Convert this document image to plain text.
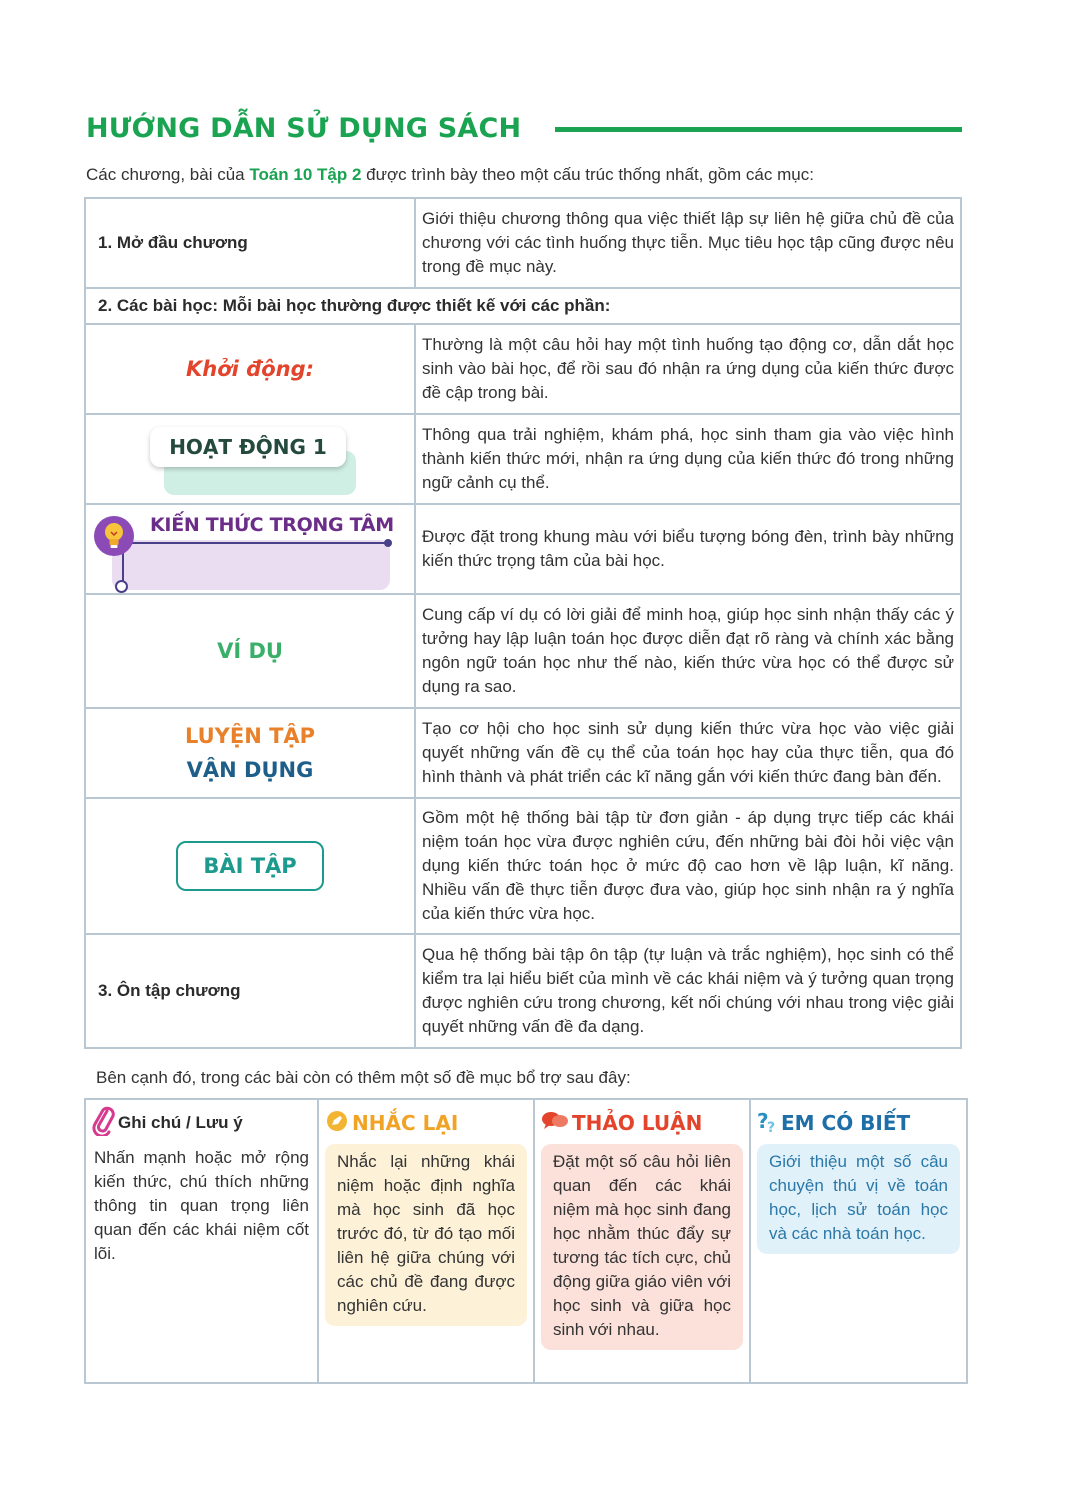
HƯỚNG DẪN SỬ DỤNG SÁCH
Các chương, bài của Toán 10 Tập 2 được trình bày theo một cấu trúc thống nhất, gồm các mục:
1. Mở đầu chương	Giới thiệu chương thông qua việc thiết lập sự liên hệ giữa chủ đề của chương với các tình huống thực tiễn. Mục tiêu học tập cũng được nêu trong đề mục này.
2. Các bài học: Mỗi bài học thường được thiết kế với các phần:	

Khởi động:	Thường là một câu hỏi hay một tình huống tạo động cơ, dẫn dắt học sinh vào bài học, để rồi sau đó nhận ra ứng dụng của kiến thức được đề cập trong bài.

HOẠT ĐỘNG 1	Thông qua trải nghiệm, khám phá, học sinh tham gia vào việc hình thành kiến thức mới, nhận ra ứng dụng của kiến thức đó trong những ngữ cảnh cụ thể.

KIẾN THỨC TRỌNG TÂM	Được đặt trong khung màu với biểu tượng bóng đèn, trình bày những kiến thức trọng tâm của bài học.

VÍ DỤ	Cung cấp ví dụ có lời giải để minh hoạ, giúp học sinh nhận thấy các ý tưởng hay lập luận toán học được diễn đạt rõ ràng và chính xác bằng ngôn ngữ toán học như thế nào, kiến thức vừa học có thể được sử dụng ra sao.

LUYỆN TẬP
VẬN DỤNG	Tạo cơ hội cho học sinh sử dụng kiến thức vừa học vào việc giải quyết những vấn đề cụ thể của toán học hay của thực tiễn, qua đó hình thành và phát triển các kĩ năng gắn với kiến thức đang bàn đến.

BÀI TẬP	Gồm một hệ thống bài tập từ đơn giản - áp dụng trực tiếp các khái niệm toán học vừa được nghiên cứu, đến những bài đòi hỏi việc vận dụng kiến thức toán học ở mức độ cao hơn về lập luận, kĩ năng. Nhiều vấn đề thực tiễn được đưa vào, giúp học sinh nhận ra ý nghĩa của kiến thức vừa học.
3. Ôn tập chương	Qua hệ thống bài tập ôn tập (tự luận và trắc nghiệm), học sinh có thể kiểm tra lại hiểu biết của mình về các khái niệm và ý tưởng quan trọng được nghiên cứu trong chương, kết nối chúng với nhau trong việc giải quyết những vấn đề đa dạng.
Bên cạnh đó, trong các bài còn có thêm một số đề mục bổ trợ sau đây:
Ghi chú / Lưu ý
Nhấn mạnh hoặc mở rộng kiến thức, chú thích những thông tin quan trọng liên quan đến các khái niệm cốt lõi.

NHẮC LẠI
Nhắc lại những khái niệm hoặc định nghĩa mà học sinh đã học trước đó, từ đó tạo mối liên hệ giữa chúng với các chủ đề đang được nghiên cứu.

THẢO LUẬN
Đặt một số câu hỏi liên quan đến các khái niệm mà học sinh đang học nhằm thúc đẩy sự tương tác tích cực, chủ động giữa giáo viên với học sinh và giữa học sinh với nhau.

?
? EM CÓ BIẾT
Giới thiệu một số câu chuyện thú vị về toán học, lịch sử toán học và các nhà toán học.
